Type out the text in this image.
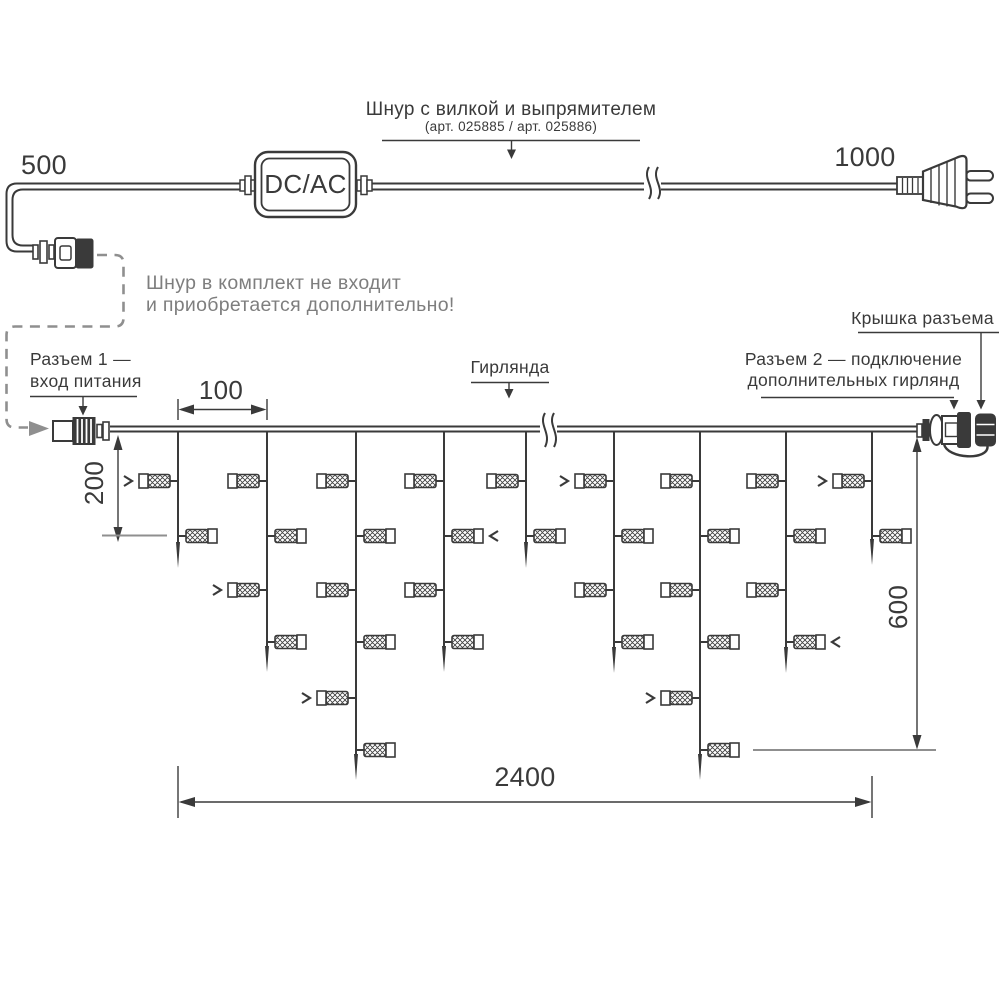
500	1000
DC/AC
Шнур с вилкой и выпрямителем
(арт. 025885 / арт. 025886)
Шнур в комплект не входит
и приобретается дополнительно!
Разъем 1 —
вход питания
Гирлянда	Разъем 2 — подключение
дополнительных гирлянд
Крышка разъема
100
200
600
2400
